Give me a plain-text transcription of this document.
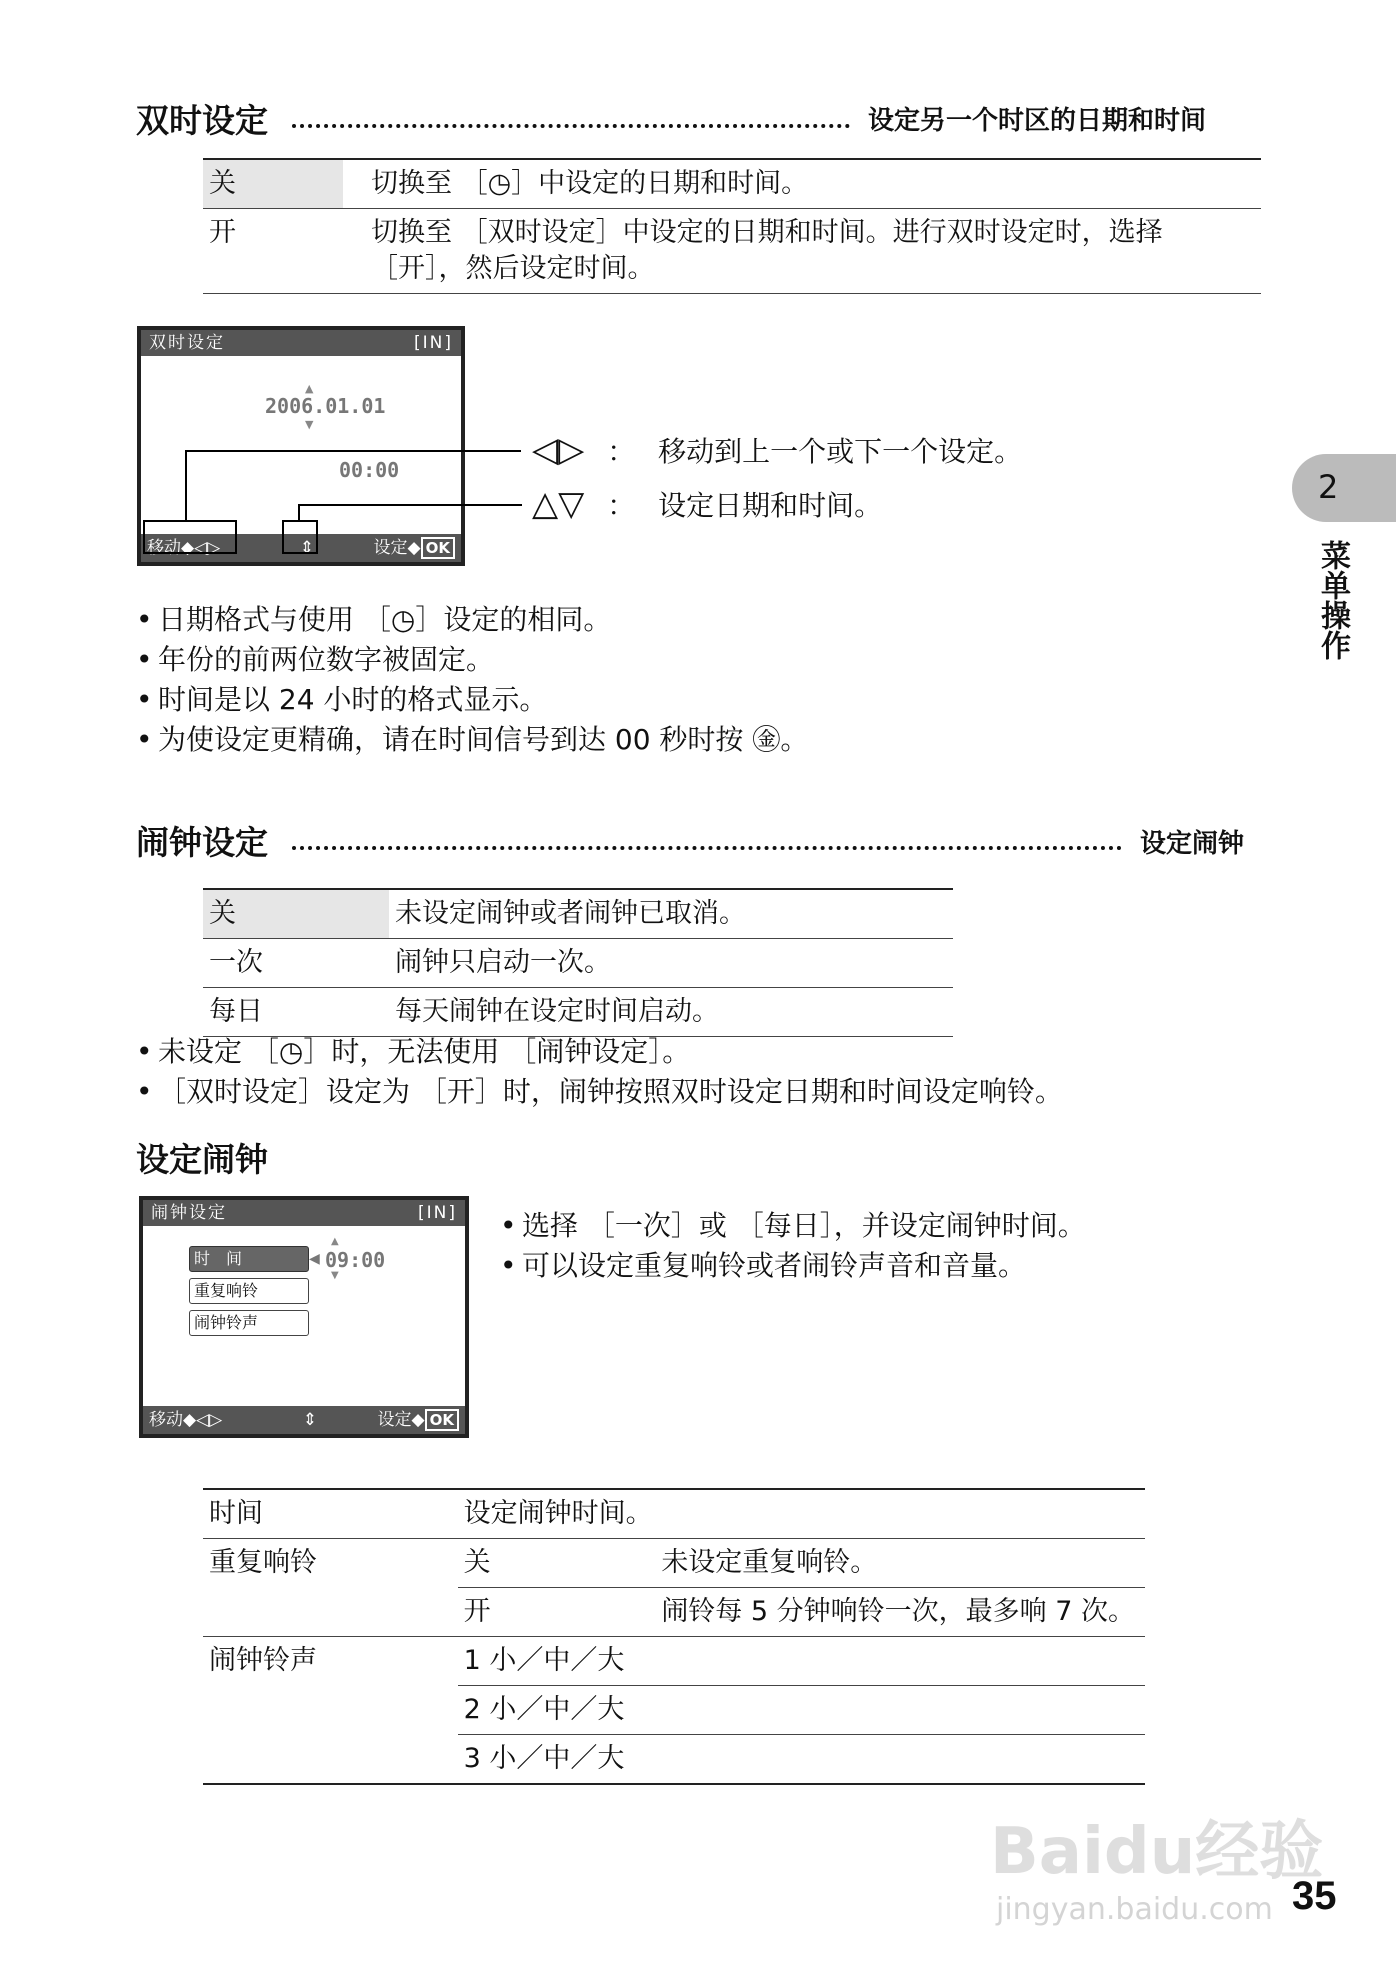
双时设定	设定另一个时区的日期和时间
关	切换至 ［◷］中设定的日期和时间。
开	切换至 ［双时设定］中设定的日期和时间。进行双时设定时，选择 ［开］，然后设定时间。
双时设定	[IN]
▲
2006.01.01
▼
00:00
移动◆◁▷	⇕	设定◆ OK
◁▷ ： 移动到上一个或下一个设定。
△▽ ： 设定日期和时间。
• 日期格式与使用 ［◷］设定的相同。
• 年份的前两位数字被固定。
• 时间是以 24 小时的格式显示。
• 为使设定更精确，请在时间信号到达 00 秒时按 ㊎。
闹钟设定	设定闹钟
关	未设定闹钟或者闹钟已取消。
一次	闹钟只启动一次。
每日	每天闹钟在设定时间启动。
• 未设定 ［◷］时，无法使用 ［闹钟设定］。
• ［双时设定］设定为 ［开］时，闹钟按照双时设定日期和时间设定响铃。
设定闹钟
闹钟设定	[IN]
时　间
重复响铃
闹钟铃声
▲
◀ 09:00
▼
移动◆◁▷	⇕	设定◆ OK
• 选择 ［一次］或 ［每日］，并设定闹钟时间。
• 可以设定重复响铃或者闹铃声音和音量。
时间	设定闹钟时间。	
重复响铃	关	未设定重复响铃。
	开	闹铃每 5 分钟响铃一次，最多响 7 次。
闹钟铃声	1 小／中／大	
	2 小／中／大	
	3 小／中／大	
2
菜单操作
Baidu经验
jingyan.baidu.com 35
